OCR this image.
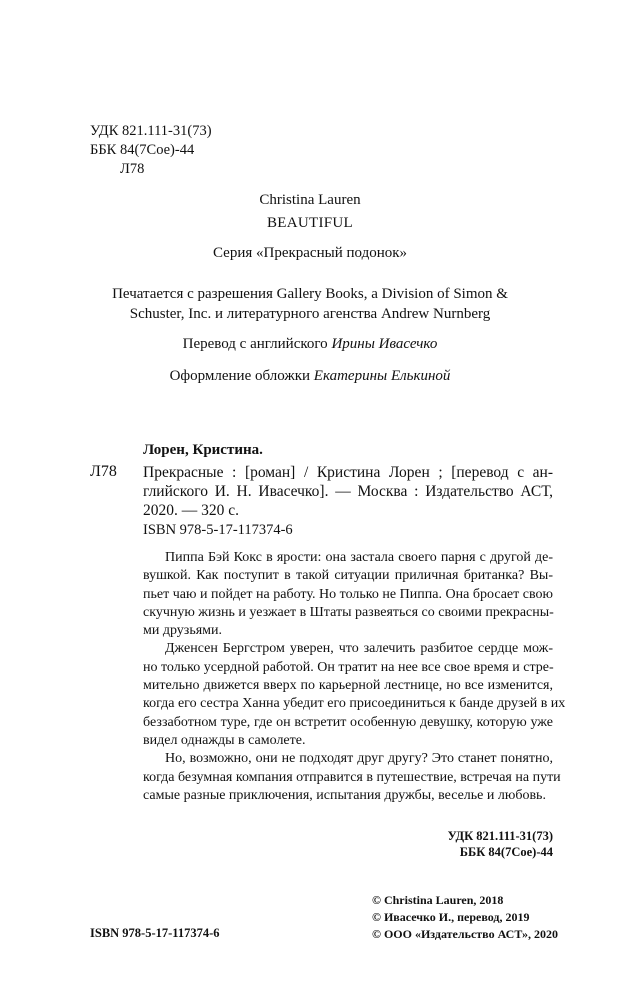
УДК 821.111-31(73)
ББК 84(7Сое)-44
Л78
Christina Lauren
BEAUTIFUL
Серия «Прекрасный подонок»
Печатается с разрешения Gallery Books, a Division of Simon &
Schuster, Inc. и литературного агенства Andrew Nurnberg
Перевод с английского Ирины Ивасечко
Оформление обложки Екатерины Елькиной
Лорен, Кристина.
Л78 Прекрасные : [роман] / Кристина Лорен ; [перевод с ан-
глийского И. Н. Ивасечко]. — Москва : Издательство АСТ,
2020. — 320 с.
ISBN 978-5-17-117374-6
Пиппа Бэй Кокс в ярости: она застала своего парня с другой де-
вушкой. Как поступит в такой ситуации приличная британка? Вы-
пьет чаю и пойдет на работу. Но только не Пиппа. Она бросает свою
скучную жизнь и уезжает в Штаты развеяться со своими прекрасны-
ми друзьями.
Дженсен Бергстром уверен, что залечить разбитое сердце мож-
но только усердной работой. Он тратит на нее все свое время и стре-
мительно движется вверх по карьерной лестнице, но все изменится,
когда его сестра Ханна убедит его присоединиться к банде друзей в их
беззаботном туре, где он встретит особенную девушку, которую уже
видел однажды в самолете.
Но, возможно, они не подходят друг другу? Это станет понятно,
когда безумная компания отправится в путешествие, встречая на пути
самые разные приключения, испытания дружбы, веселье и любовь.
УДК 821.111-31(73)
ББК 84(7Сое)-44
© Christina Lauren, 2018
© Ивасечко И., перевод, 2019
© ООО «Издательство АСТ», 2020
ISBN 978-5-17-117374-6
